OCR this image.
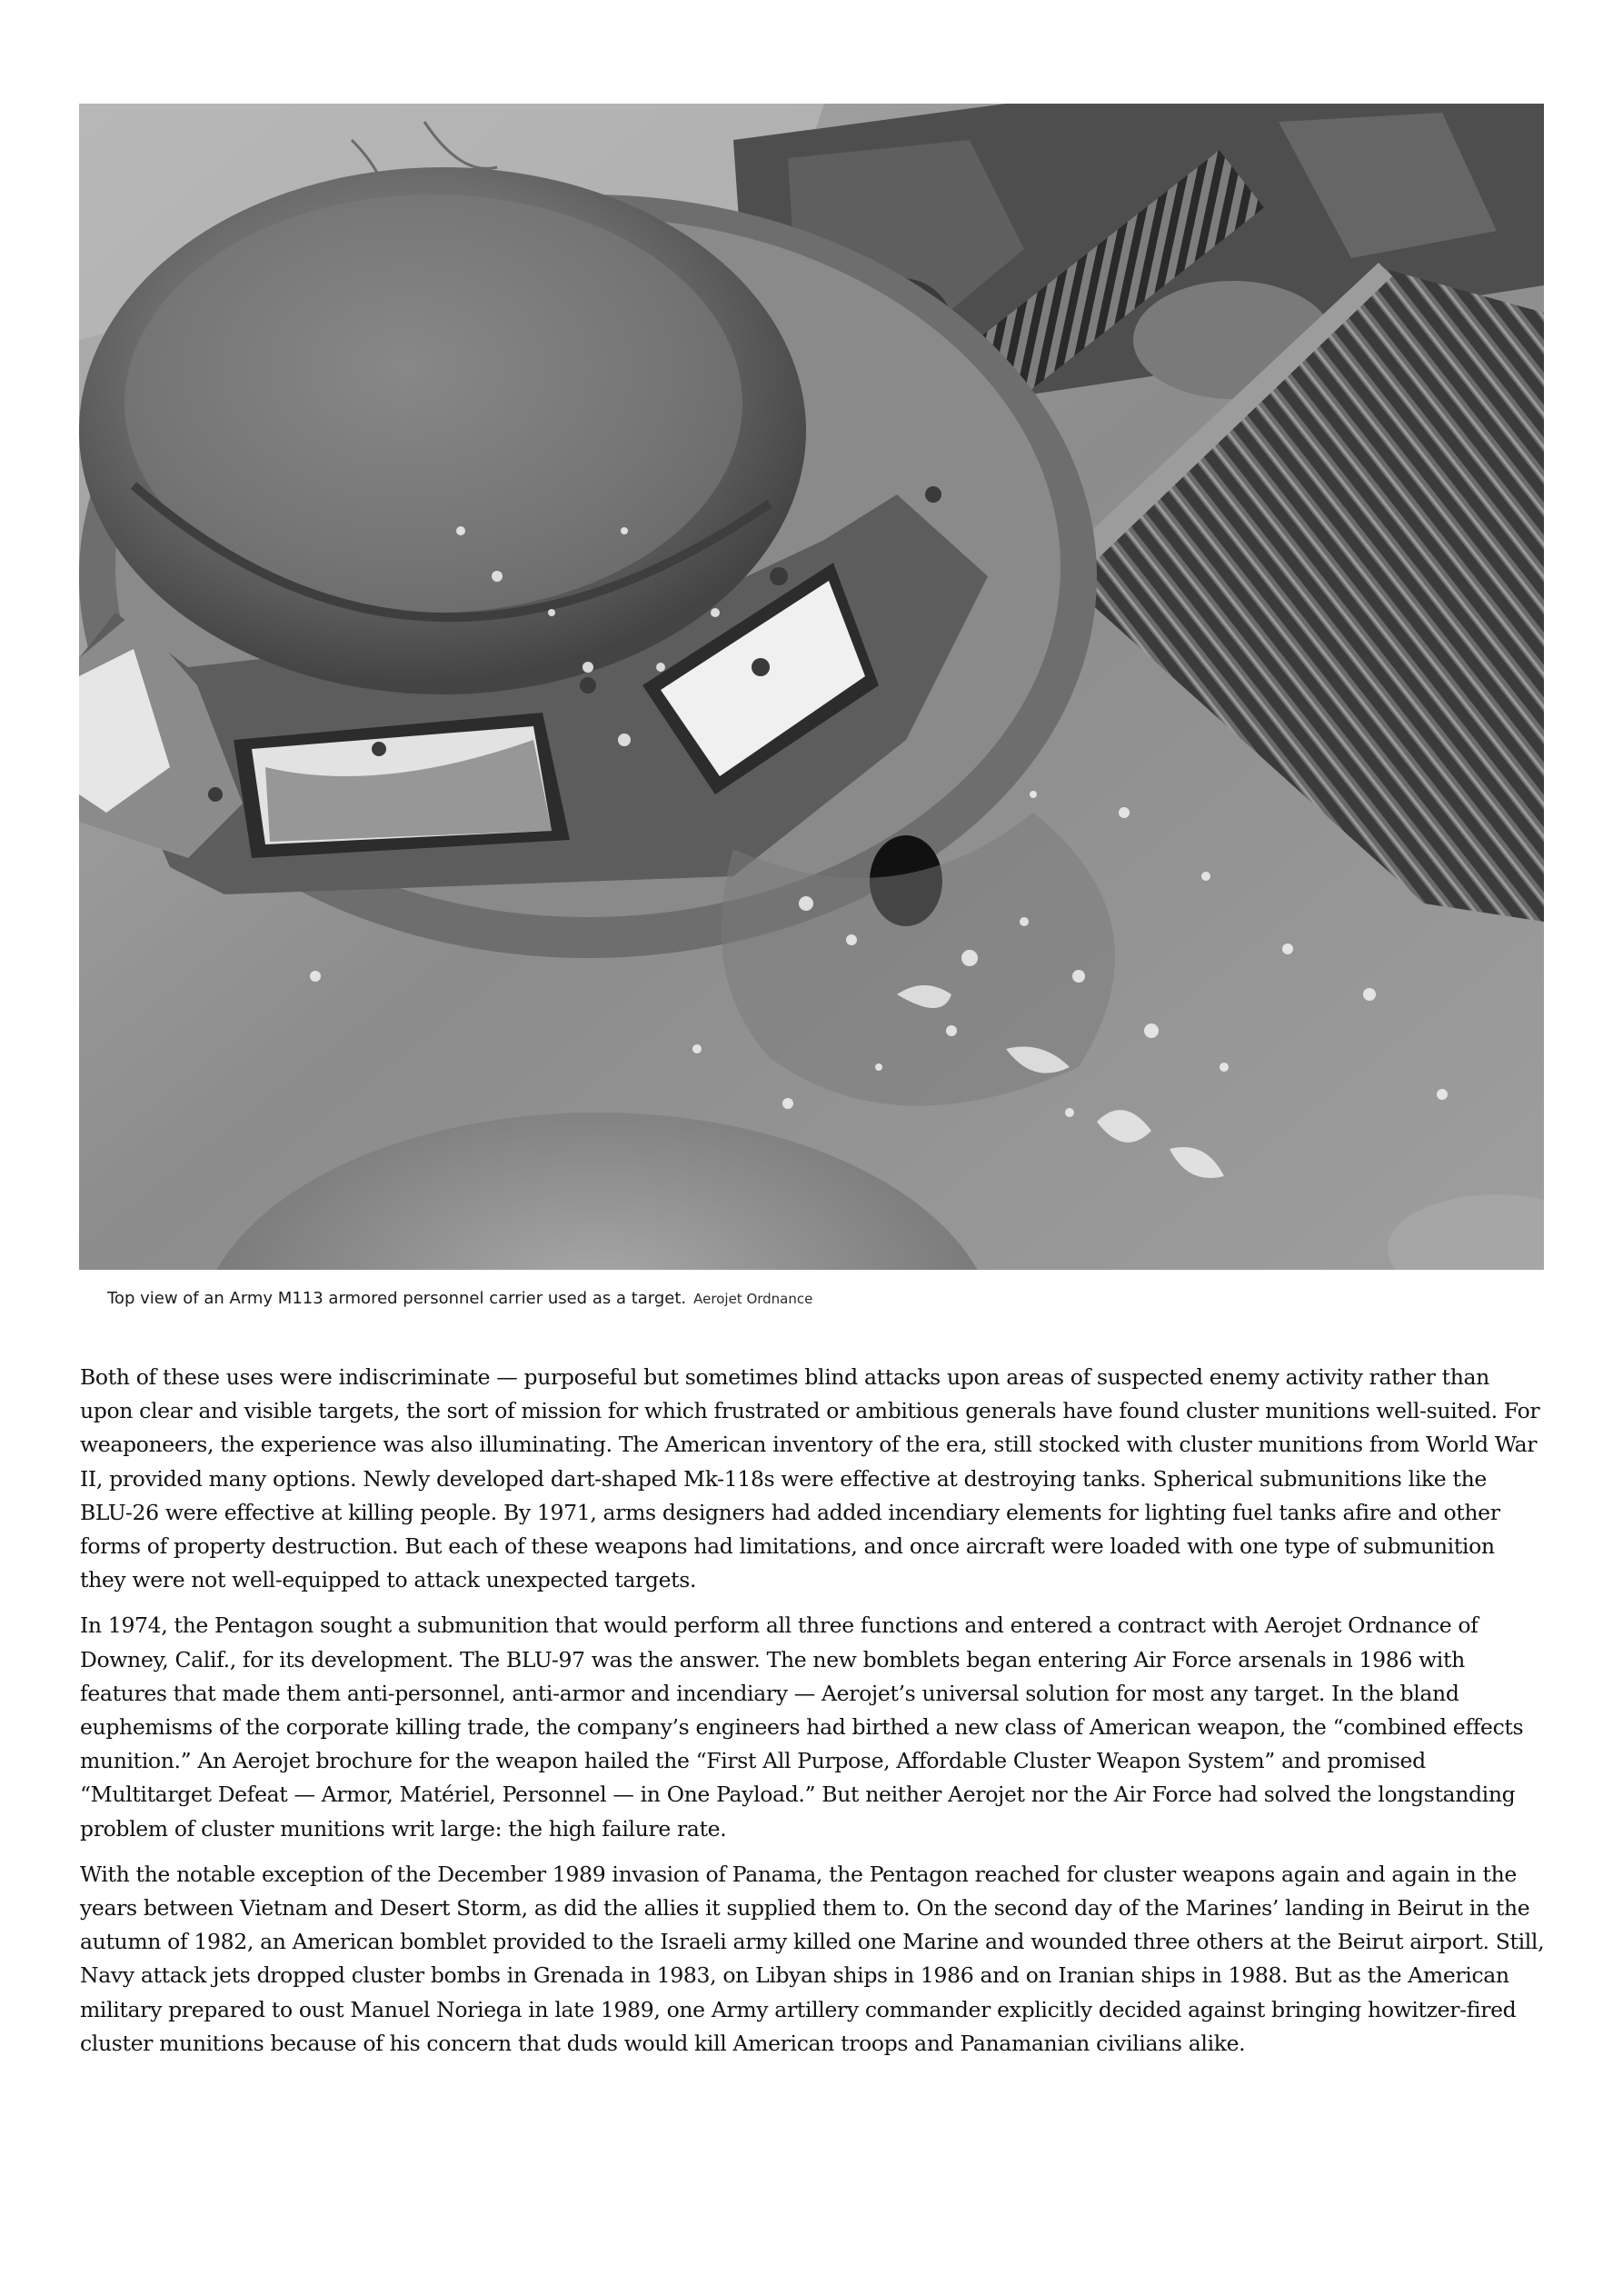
Top view of an Army M113 armored personnel carrier used as a target. Aerojet Ordnance

Both of these uses were indiscriminate — purposeful but sometimes blind attacks upon areas of suspected enemy activity rather than upon clear and visible targets, the sort of mission for which frustrated or ambitious generals have found cluster munitions well-suited. For weaponeers, the experience was also illuminating. The American inventory of the era, still stocked with cluster munitions from World War II, provided many options. Newly developed dart-shaped Mk-118s were effective at destroying tanks. Spherical submunitions like the BLU-26 were effective at killing people. By 1971, arms designers had added incendiary elements for lighting fuel tanks afire and other forms of property destruction. But each of these weapons had limitations, and once aircraft were loaded with one type of submunition they were not well-equipped to attack unexpected targets.

In 1974, the Pentagon sought a submunition that would perform all three functions and entered a contract with Aerojet Ordnance of Downey, Calif., for its development. The BLU-97 was the answer. The new bomblets began entering Air Force arsenals in 1986 with features that made them anti-personnel, anti-armor and incendiary — Aerojet’s universal solution for most any target. In the bland euphemisms of the corporate killing trade, the company’s engineers had birthed a new class of American weapon, the “combined effects munition.” An Aerojet brochure for the weapon hailed the “First All Purpose, Affordable Cluster Weapon System” and promised “Multitarget Defeat — Armor, Matériel, Personnel — in One Payload.” But neither Aerojet nor the Air Force had solved the longstanding problem of cluster munitions writ large: the high failure rate.

With the notable exception of the December 1989 invasion of Panama, the Pentagon reached for cluster weapons again and again in the years between Vietnam and Desert Storm, as did the allies it supplied them to. On the second day of the Marines’ landing in Beirut in the autumn of 1982, an American bomblet provided to the Israeli army killed one Marine and wounded three others at the Beirut airport. Still, Navy attack jets dropped cluster bombs in Grenada in 1983, on Libyan ships in 1986 and on Iranian ships in 1988. But as the American military prepared to oust Manuel Noriega in late 1989, one Army artillery commander explicitly decided against bringing howitzer-fired cluster munitions because of his concern that duds would kill American troops and Panamanian civilians alike.
